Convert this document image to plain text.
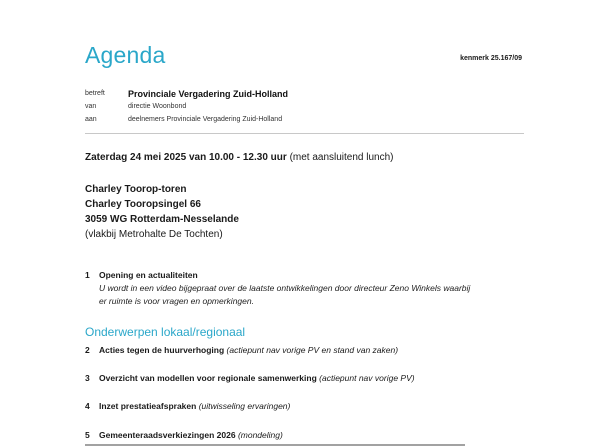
Agenda	kenmerk 25.167/09
betreft	Provinciale Vergadering Zuid-Holland
van	directie Woonbond
aan	deelnemers Provinciale Vergadering Zuid-Holland
Zaterdag 24 mei 2025 van 10.00 - 12.30 uur (met aansluitend lunch)
Charley Toorop-toren
Charley Tooropsingel 66
3059 WG Rotterdam-Nesselande
(vlakbij Metrohalte De Tochten)
1 Opening en actualiteiten
U wordt in een video bijgepraat over de laatste ontwikkelingen door directeur Zeno Winkels waarbij
er ruimte is voor vragen en opmerkingen.
Onderwerpen lokaal/regionaal
2 Acties tegen de huurverhoging (actiepunt nav vorige PV en stand van zaken)
3 Overzicht van modellen voor regionale samenwerking (actiepunt nav vorige PV)
4 Inzet prestatieafspraken (uitwisseling ervaringen)
5 Gemeenteraadsverkiezingen 2026 (mondeling)
